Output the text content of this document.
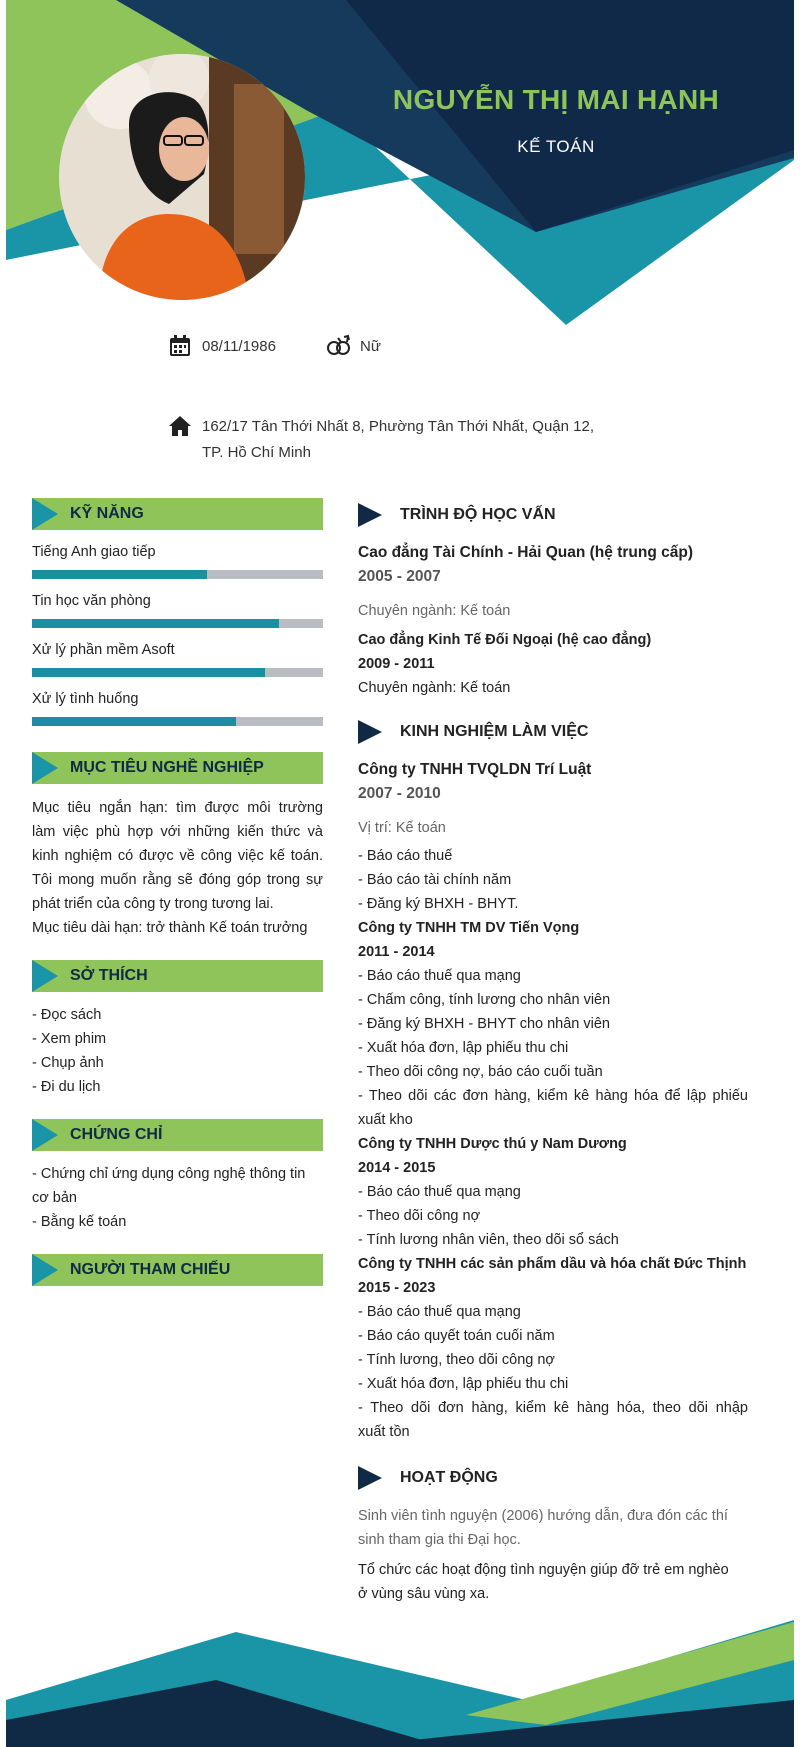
NGUYỄN THỊ MAI HẠNH
KẾ TOÁN
08/11/1986	Nữ
162/17 Tân Thới Nhất 8, Phường Tân Thới Nhất, Quận 12,
TP. Hồ Chí Minh
KỸ NĂNG
Tiếng Anh giao tiếp
Tin học văn phòng
Xử lý phần mềm Asoft
Xử lý tình huống
MỤC TIÊU NGHỀ NGHIỆP
Mục tiêu ngắn hạn: tìm được môi trường
làm việc phù hợp với những kiến thức và
kinh nghiệm có được về công việc kế toán.
Tôi mong muốn rằng sẽ đóng góp trong sự
phát triển của công ty trong tương lai.
Mục tiêu dài hạn: trở thành Kế toán trưởng
SỞ THÍCH
- Đọc sách
- Xem phim
- Chụp ảnh
- Đi du lịch
CHỨNG CHỈ
- Chứng chỉ ứng dụng công nghệ thông tin
cơ bản
- Bằng kế toán
NGƯỜI THAM CHIẾU
TRÌNH ĐỘ HỌC VẤN
Cao đẳng Tài Chính - Hải Quan (hệ trung cấp)
2005 - 2007
Chuyên ngành: Kế toán
Cao đẳng Kinh Tế Đối Ngoại (hệ cao đẳng)
2009 - 2011
Chuyên ngành: Kế toán
KINH NGHIỆM LÀM VIỆC
Công ty TNHH TVQLDN Trí Luật
2007 - 2010
Vị trí: Kế toán
- Báo cáo thuế
- Báo cáo tài chính năm
- Đăng ký BHXH - BHYT.
Công ty TNHH TM DV Tiến Vọng
2011 - 2014
- Báo cáo thuế qua mạng
- Chấm công, tính lương cho nhân viên
- Đăng ký BHXH - BHYT cho nhân viên
- Xuất hóa đơn, lập phiếu thu chi
- Theo dõi công nợ, báo cáo cuối tuần
- Theo dõi các đơn hàng, kiểm kê hàng hóa để lập phiếu
xuất kho
Công ty TNHH Dược thú y Nam Dương
2014 - 2015
- Báo cáo thuế qua mạng
- Theo dõi công nợ
- Tính lương nhân viên, theo dõi sổ sách
Công ty TNHH các sản phẩm dầu và hóa chất Đức Thịnh
2015 - 2023
- Báo cáo thuế qua mạng
- Báo cáo quyết toán cuối năm
- Tính lương, theo dõi công nợ
- Xuất hóa đơn, lập phiếu thu chi
- Theo dõi đơn hàng, kiểm kê hàng hóa, theo dõi nhập
xuất tồn
HOẠT ĐỘNG
Sinh viên tình nguyện (2006) hướng dẫn, đưa đón các thí
sinh tham gia thi Đại học.
Tổ chức các hoạt động tình nguyện giúp đỡ trẻ em nghèo
ở vùng sâu vùng xa.
